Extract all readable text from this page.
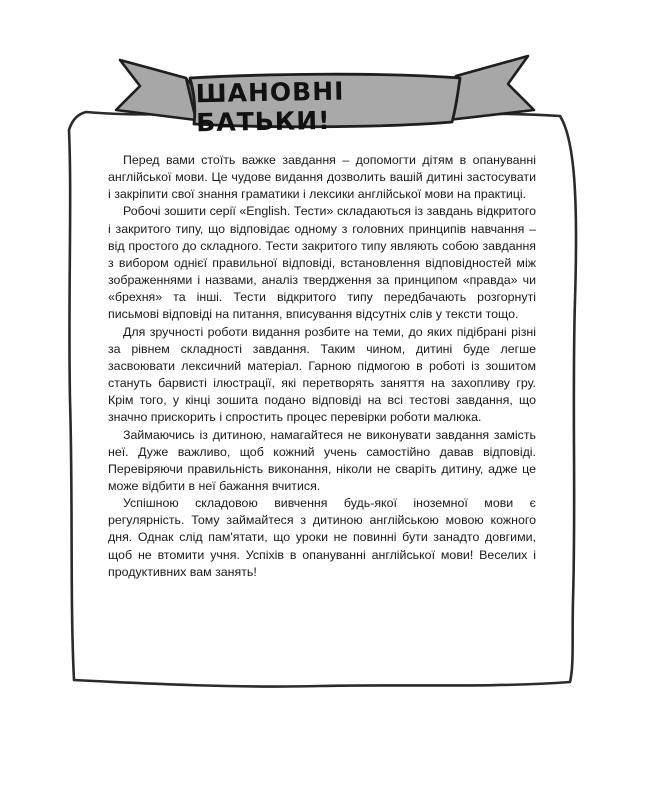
ШАНОВНІ БАТЬКИ!

Перед вами стоїть важке завдання – допомогти дітям в опануванні англійської мови. Це чудове видання дозволить вашій дитині застосувати і закріпити свої знання граматики і лексики англійської мови на практиці.

Робочі зошити серії «English. Тести» складаються із завдань відкритого і закритого типу, що відповідає одному з головних принципів навчання – від простого до складного. Тести закритого типу являють собою завдання з вибором однієї правильної відповіді, встановлення відповідностей між зображеннями і назвами, аналіз твердження за принципом «правда» чи «брехня» та інші. Тести відкритого типу передбачають розгорнуті письмові відповіді на питання, вписування відсутніх слів у тексти тощо.

Для зручності роботи видання розбите на теми, до яких підібрані різні за рівнем складності завдання. Таким чином, дитині буде легше засвоювати лексичний матеріал. Гарною підмогою в роботі із зошитом стануть барвисті ілюстрації, які перетворять заняття на захопливу гру. Крім того, у кінці зошита подано відповіді на всі тестові завдання, що значно прискорить і спростить процес перевірки роботи малюка.

Займаючись із дитиною, намагайтеся не виконувати завдання замість неї. Дуже важливо, щоб кожний учень самостійно давав відповіді. Перевіряючи правильність виконання, ніколи не сваріть дитину, адже це може відбити в неї бажання вчитися.

Успішною складовою вивчення будь-якої іноземної мови є регулярність. Тому займайтеся з дитиною англійською мовою кожного дня. Однак слід пам'ятати, що уроки не повинні бути занадто довгими, щоб не втомити учня. Успіхів в опануванні англійської мови! Веселих і продуктивних вам занять!
